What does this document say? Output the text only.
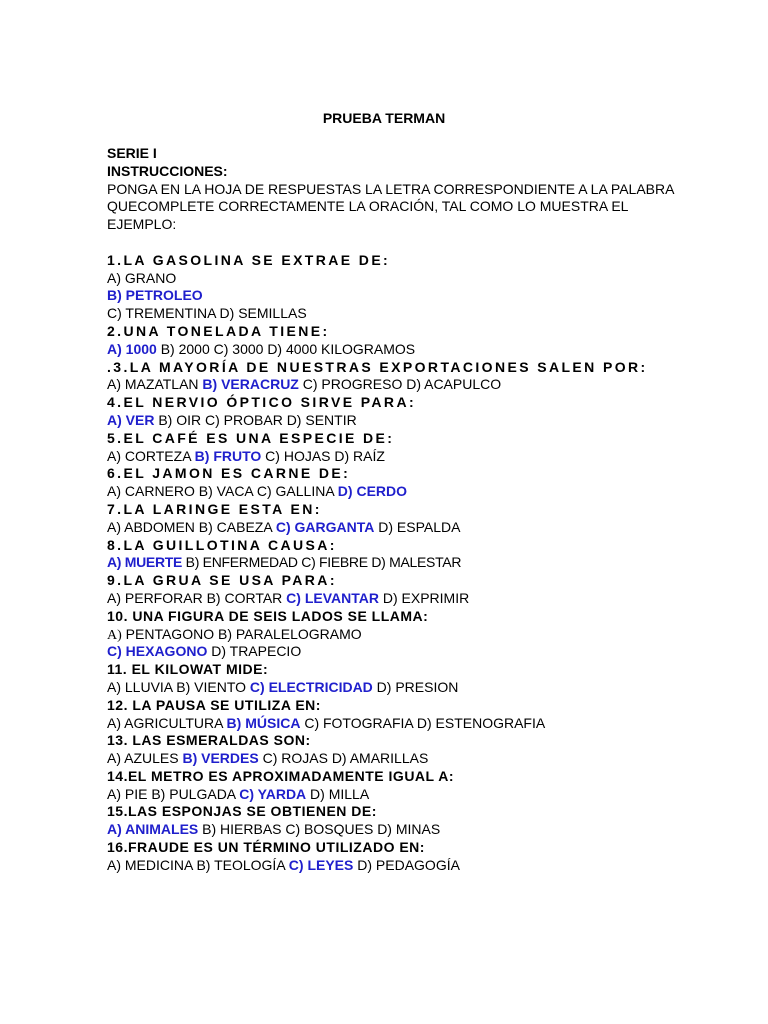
PRUEBA TERMAN
SERIE I
INSTRUCCIONES:
PONGA EN LA HOJA DE RESPUESTAS LA LETRA CORRESPONDIENTE A LA PALABRA QUECOMPLETE CORRECTAMENTE LA ORACIÓN, TAL COMO LO MUESTRA EL EJEMPLO:
1.LA GASOLINA SE EXTRAE DE:
A) GRANO
B) PETROLEO
C) TREMENTINA D) SEMILLAS
2.UNA TONELADA TIENE:
A) 1000 B) 2000 C) 3000 D) 4000 KILOGRAMOS
.3.LA MAYORÍA DE NUESTRAS EXPORTACIONES SALEN POR:
A) MAZATLAN B) VERACRUZ C) PROGRESO D) ACAPULCO
4.EL NERVIO ÓPTICO SIRVE PARA:
A) VER B) OIR C) PROBAR D) SENTIR
5.EL CAFÉ ES UNA ESPECIE DE:
A) CORTEZA B) FRUTO C) HOJAS D) RAÍZ
6.EL JAMON ES CARNE DE:
A) CARNERO B) VACA C) GALLINA D) CERDO
7.LA LARINGE ESTA EN:
A) ABDOMEN B) CABEZA C) GARGANTA D) ESPALDA
8.LA GUILLOTINA CAUSA:
A) MUERTE B) ENFERMEDAD C) FIEBRE D) MALESTAR
9.LA GRUA SE USA PARA:
A) PERFORAR B) CORTAR C) LEVANTAR D) EXPRIMIR
10. UNA FIGURA DE SEIS LADOS SE LLAMA:
A) PENTAGONO B) PARALELOGRAMO
C) HEXAGONO D) TRAPECIO
11. EL KILOWAT MIDE:
A) LLUVIA B) VIENTO C) ELECTRICIDAD D) PRESION
12. LA PAUSA SE UTILIZA EN:
A) AGRICULTURA B) MÚSICA C) FOTOGRAFIA D) ESTENOGRAFIA
13. LAS ESMERALDAS SON:
A) AZULES B) VERDES C) ROJAS D) AMARILLAS
14.EL METRO ES APROXIMADAMENTE IGUAL A:
A) PIE B) PULGADA C) YARDA D) MILLA
15.LAS ESPONJAS SE OBTIENEN DE:
A) ANIMALES B) HIERBAS C) BOSQUES D) MINAS
16.FRAUDE ES UN TÉRMINO UTILIZADO EN:
A) MEDICINA B) TEOLOGÍA C) LEYES D) PEDAGOGÍA
